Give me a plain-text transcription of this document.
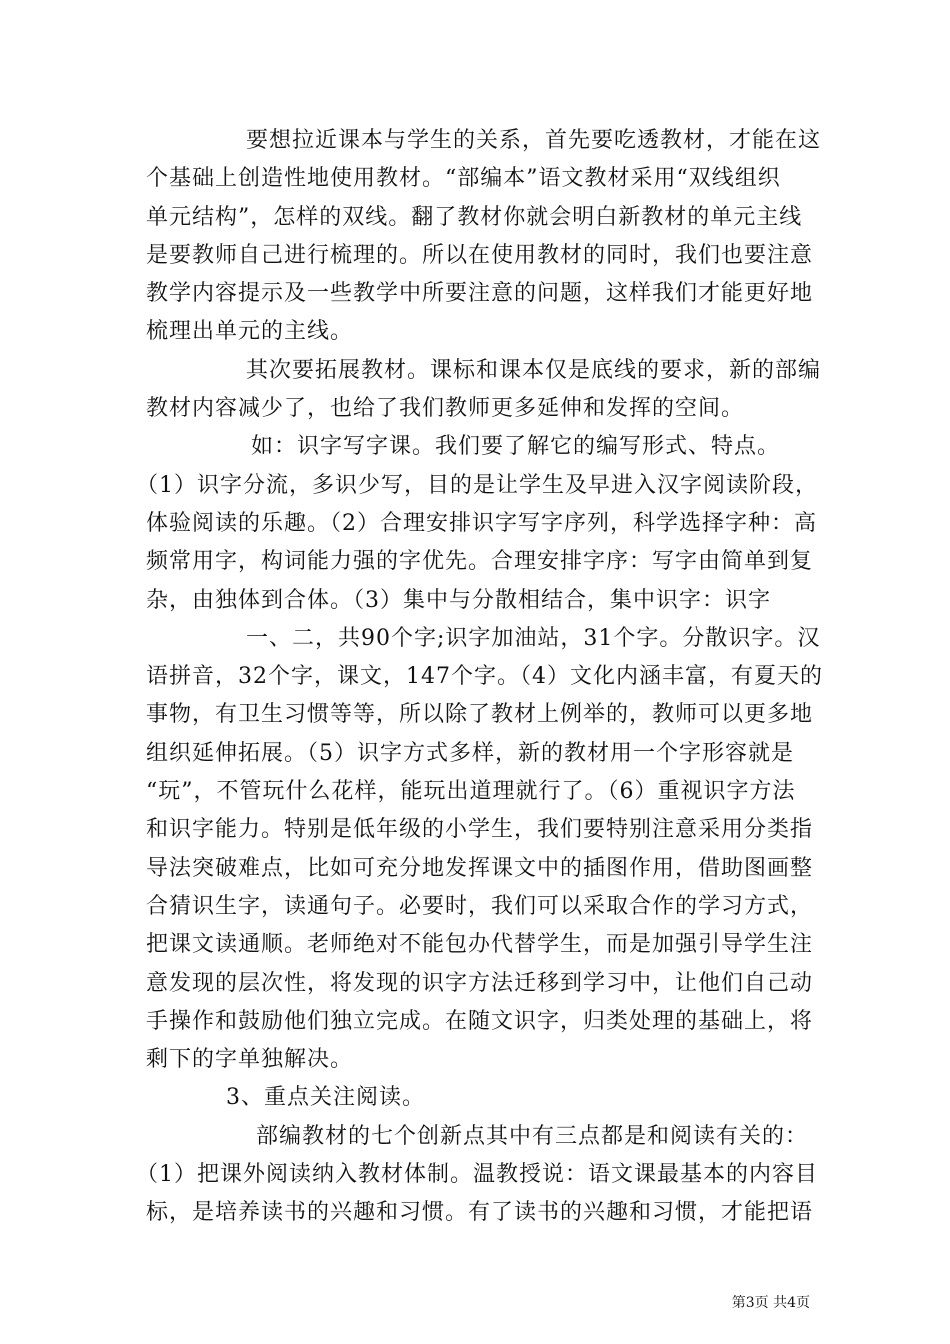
要想拉近课本与学生的关系，首先要吃透教材，才能在这
个基础上创造性地使用教材。“部编本”语文教材采用“双线组织
单元结构”，怎样的双线。翻了教材你就会明白新教材的单元主线
是要教师自己进行梳理的。所以在使用教材的同时，我们也要注意
教学内容提示及一些教学中所要注意的问题，这样我们才能更好地
梳理出单元的主线。
其次要拓展教材。课标和课本仅是底线的要求，新的部编
教材内容减少了，也给了我们教师更多延伸和发挥的空间。
如：识字写字课。我们要了解它的编写形式、特点。
（1）识字分流，多识少写，目的是让学生及早进入汉字阅读阶段，
体验阅读的乐趣。（2）合理安排识字写字序列，科学选择字种：高
频常用字，构词能力强的字优先。合理安排字序：写字由简单到复
杂，由独体到合体。（3）集中与分散相结合，集中识字：识字
一、二，共90个字;识字加油站，31个字。分散识字。汉
语拼音，32个字，课文，147个字。（4）文化内涵丰富，有夏天的
事物，有卫生习惯等等，所以除了教材上例举的，教师可以更多地
组织延伸拓展。（5）识字方式多样，新的教材用一个字形容就是
“玩”，不管玩什么花样，能玩出道理就行了。（6）重视识字方法
和识字能力。特别是低年级的小学生，我们要特别注意采用分类指
导法突破难点，比如可充分地发挥课文中的插图作用，借助图画整
合猜识生字，读通句子。必要时，我们可以采取合作的学习方式，
把课文读通顺。老师绝对不能包办代替学生，而是加强引导学生注
意发现的层次性，将发现的识字方法迁移到学习中，让他们自己动
手操作和鼓励他们独立完成。在随文识字，归类处理的基础上，将
剩下的字单独解决。
3、重点关注阅读。
部编教材的七个创新点其中有三点都是和阅读有关的：
（1）把课外阅读纳入教材体制。温教授说：语文课最基本的内容目
标，是培养读书的兴趣和习惯。有了读书的兴趣和习惯，才能把语
第3页 共4页
